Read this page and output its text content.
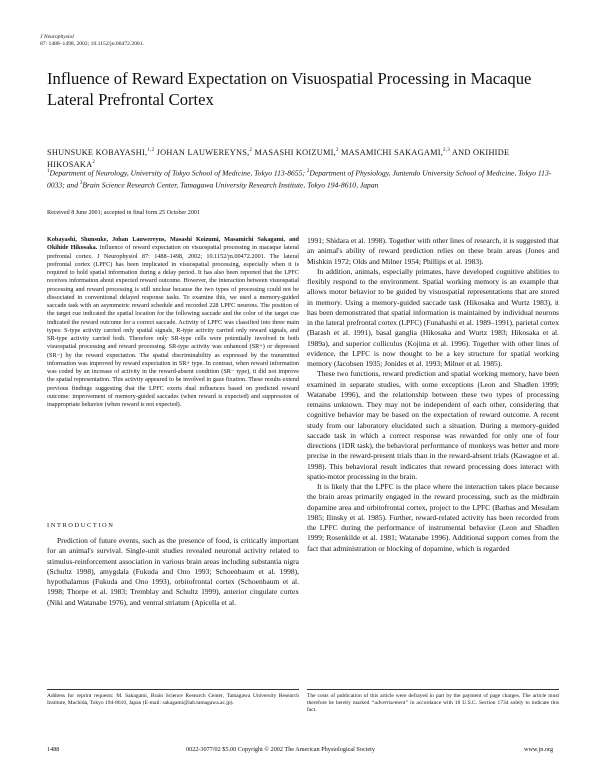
J Neurophysiol
87: 1488–1498, 2002; 10.1152/jn.00472.2001.
Influence of Reward Expectation on Visuospatial Processing in Macaque Lateral Prefrontal Cortex
SHUNSUKE KOBAYASHI,$^{1,2}$ JOHAN LAUWEREYNS,$^2$ MASASHI KOIZUMI,$^2$ MASAMICHI SAKAGAMI,$^{2,3}$ AND OKIHIDE HIKOSAKA$^2$
$^1$Department of Neurology, University of Tokyo School of Medicine, Tokyo 113-8655; $^2$Department of Physiology, Juntendo University School of Medicine, Tokyo 113-0033; and $^3$Brain Science Research Center, Tamagawa University Research Institute, Tokyo 194-8610, Japan
Received 8 June 2001; accepted in final form 25 October 2001
Kobayashi, Shunsuke, Johan Lauwereyns, Masashi Koizumi, Masamichi Sakagami, and Okihide Hikosaka. Influence of reward expectation on visuospatial processing in macaque lateral prefrontal cortex. J Neurophysiol 87: 1488–1498, 2002; 10.1152/jn.00472.2001. The lateral prefrontal cortex (LPFC) has been implicated in visuospatial processing, especially when it is required to hold spatial information during a delay period. It has also been reported that the LPFC receives information about expected reward outcome. However, the interaction between visuospatial processing and reward processing is still unclear because the two types of processing could not be dissociated in conventional delayed response tasks. To examine this, we used a memory-guided saccade task with an asymmetric reward schedule and recorded 228 LPFC neurons. The position of the target cue indicated the spatial location for the following saccade and the color of the target cue indicated the reward outcome for a correct saccade. Activity of LPFC was classified into three main types: S-type activity carried only spatial signals, R-type activity carried only reward signals, and SR-type activity carried both. Therefore only SR-type cells were potentially involved in both visuospatial processing and reward processing. SR-type activity was enhanced (SR+) or depressed (SR−) by the reward expectation. The spatial discriminability as expressed by the transmitted information was improved by reward expectation in SR+ type. In contrast, when reward information was coded by an increase of activity in the reward-absent condition (SR− type), it did not improve the spatial representation. This activity appeared to be involved in gaze fixation. These results extend previous findings suggesting that the LPFC exerts dual influences based on predicted reward outcome: improvement of memory-guided saccades (when reward is expected) and suppression of inappropriate behavior (when reward is not expected).
INTRODUCTION

Prediction of future events, such as the presence of food, is critically important for an animal's survival. Single-unit studies revealed neuronal activity related to stimulus-reinforcement association in various brain areas including substantia nigra (Schultz 1998), amygdala (Fukuda and Ono 1993; Schoenbaum et al. 1998), hypothalamus (Fukuda and Ono 1993), orbitofrontal cortex (Schoenbaum et al. 1998; Thorpe et al. 1983; Tremblay and Schultz 1999), anterior cingulate cortex (Niki and Watanabe 1976), and ventral striatum (Apicella et al.

1991; Shidara et al. 1998). Together with other lines of research, it is suggested that an animal's ability of reward prediction relies on these brain areas (Jones and Mishkin 1972; Olds and Milner 1954; Phillips et al. 1983).

In addition, animals, especially primates, have developed cognitive abilities to flexibly respond to the environment. Spatial working memory is an example that allows motor behavior to be guided by visuospatial representations that are stored in memory. Using a memory-guided saccade task (Hikosaka and Wurtz 1983), it has been demonstrated that spatial information is maintained by individual neurons in the lateral prefrontal cortex (LPFC) (Funahashi et al. 1989–1991), parietal cortex (Barash et al. 1991), basal ganglia (Hikosaka and Wurtz 1983; Hikosaka et al. 1989a), and superior colliculus (Kojima et al. 1996). Together with other lines of evidence, the LPFC is now thought to be a key structure for spatial working memory (Jacobsen 1935; Jonides et al. 1993; Milner et al. 1985).

These two functions, reward prediction and spatial working memory, have been examined in separate studies, with some exceptions (Leon and Shadlen 1999; Watanabe 1996), and the relationship between these two types of processing remains unknown. They may not be independent of each other, considering that cognitive behavior may be based on the expectation of reward outcome. A recent study from our laboratory elucidated such a situation. During a memory-guided saccade task in which a correct response was rewarded for only one of four directions (1DR task), the behavioral performance of monkeys was better and more precise in the reward-present trials than in the reward-absent trials (Kawagoe et al. 1998). This behavioral result indicates that reward processing does interact with spatio-motor processing in the brain.

It is likely that the LPFC is the place where the interaction takes place because the brain areas primarily engaged in the reward processing, such as the midbrain dopamine area and orbitofrontal cortex, project to the LPFC (Barbas and Mesulam 1985; Ilinsky et al. 1985). Further, reward-related activity has been recorded from the LPFC during the performance of instrumental behavior (Leon and Shadlen 1999; Rosenkilde et al. 1981; Watanabe 1996). Additional support comes from the fact that administration or blocking of dopamine, which is regarded

Address for reprint requests: M. Sakagami, Brain Science Research Center, Tamagawa University Research Institute, Machida, Tokyo 194-8610, Japan (E-mail: sakagami@lab.tamagawa.ac.jp).
The costs of publication of this article were defrayed in part by the payment of page charges. The article must therefore be hereby marked ‘‘advertisement’’ in accordance with 18 U.S.C. Section 1734 solely to indicate this fact.
1488	0022-3077/02 $5.00 Copyright © 2002 The American Physiological Society	www.jn.org
